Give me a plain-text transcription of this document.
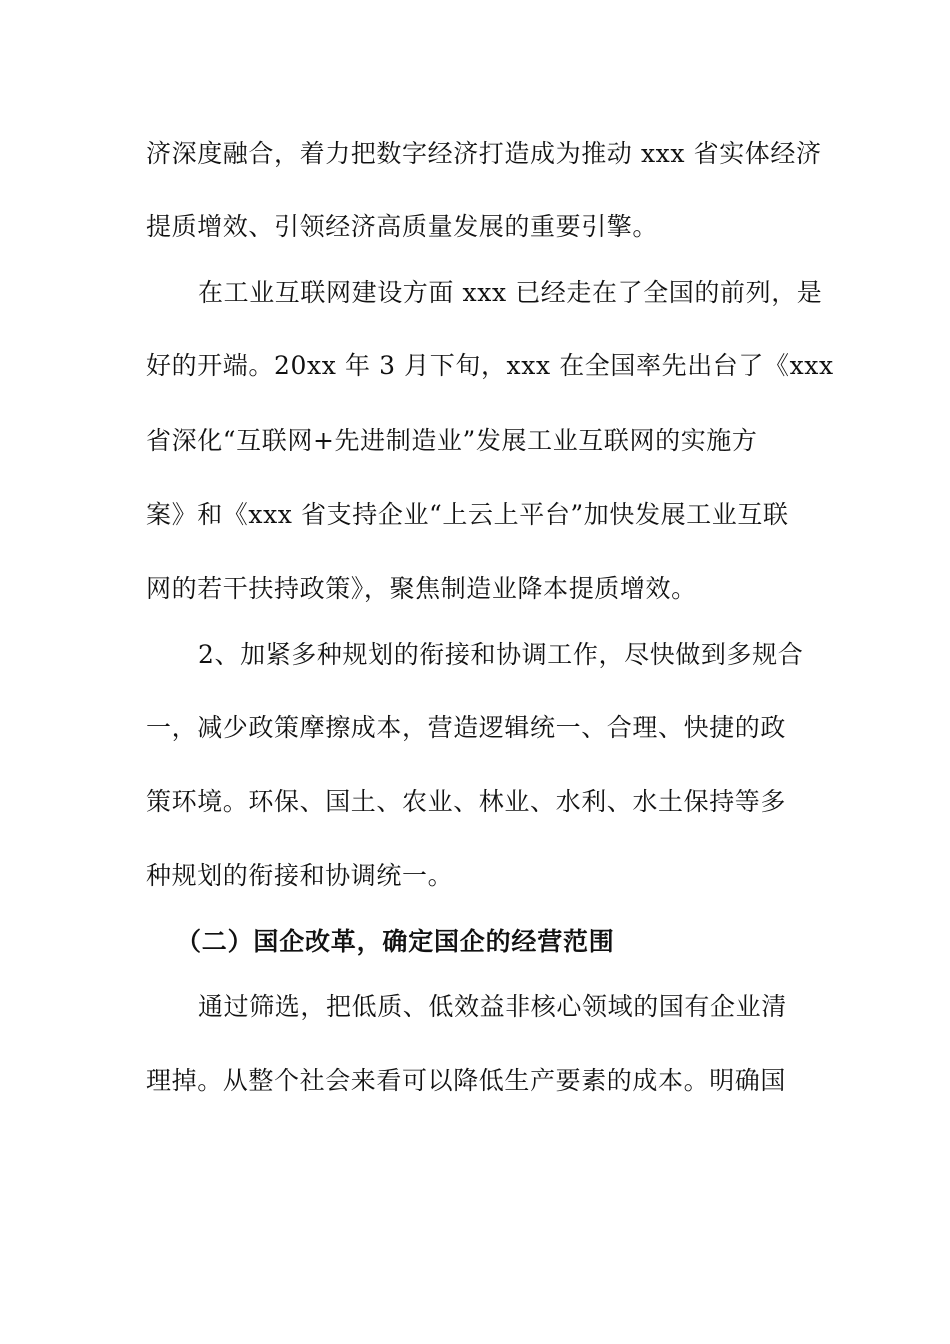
济深度融合，着力把数字经济打造成为推动 xxx 省实体经济
提质增效、引领经济高质量发展的重要引擎。
在工业互联网建设方面 xxx 已经走在了全国的前列，是
好的开端。20xx 年 3 月下旬，xxx 在全国率先出台了《xxx
省深化“互联网+先进制造业”发展工业互联网的实施方
案》和《xxx 省支持企业“上云上平台”加快发展工业互联
网的若干扶持政策》，聚焦制造业降本提质增效。
2、加紧多种规划的衔接和协调工作，尽快做到多规合
一，减少政策摩擦成本，营造逻辑统一、合理、快捷的政
策环境。环保、国土、农业、林业、水利、水土保持等多
种规划的衔接和协调统一。
（二）国企改革，确定国企的经营范围
通过筛选，把低质、低效益非核心领域的国有企业清
理掉。从整个社会来看可以降低生产要素的成本。明确国
